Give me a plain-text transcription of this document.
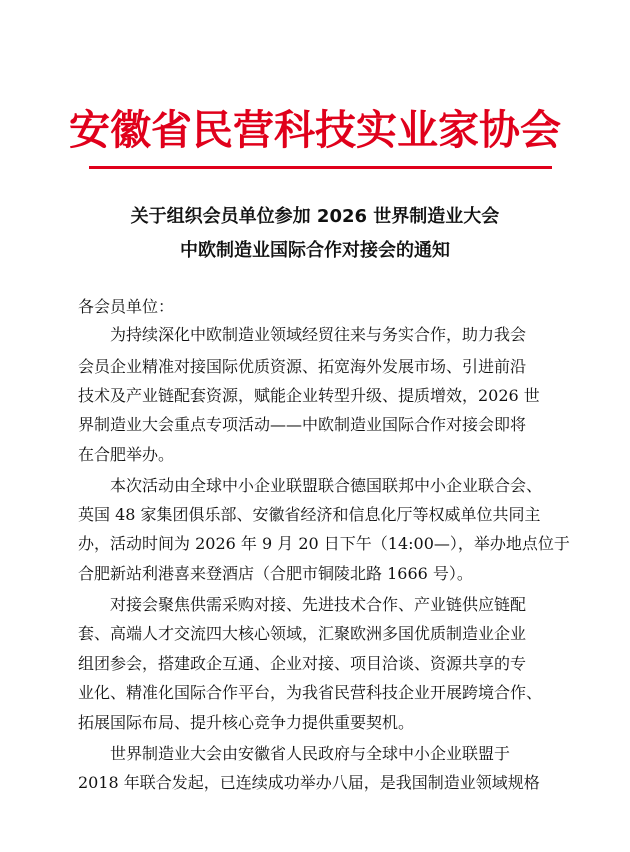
安徽省民营科技实业家协会
关于组织会员单位参加 2026 世界制造业大会
中欧制造业国际合作对接会的通知
各会员单位：
为持续深化中欧制造业领域经贸往来与务实合作，助力我会
会员企业精准对接国际优质资源、拓宽海外发展市场、引进前沿
技术及产业链配套资源，赋能企业转型升级、提质增效，2026 世
界制造业大会重点专项活动——中欧制造业国际合作对接会即将
在合肥举办。
本次活动由全球中小企业联盟联合德国联邦中小企业联合会、
英国 48 家集团俱乐部、安徽省经济和信息化厅等权威单位共同主
办，活动时间为 2026 年 9 月 20 日下午（14:00—），举办地点位于
合肥新站利港喜来登酒店（合肥市铜陵北路 1666 号）。
对接会聚焦供需采购对接、先进技术合作、产业链供应链配
套、高端人才交流四大核心领域，汇聚欧洲多国优质制造业企业
组团参会，搭建政企互通、企业对接、项目洽谈、资源共享的专
业化、精准化国际合作平台，为我省民营科技企业开展跨境合作、
拓展国际布局、提升核心竞争力提供重要契机。
世界制造业大会由安徽省人民政府与全球中小企业联盟于
2018 年联合发起，已连续成功举办八届，是我国制造业领域规格
